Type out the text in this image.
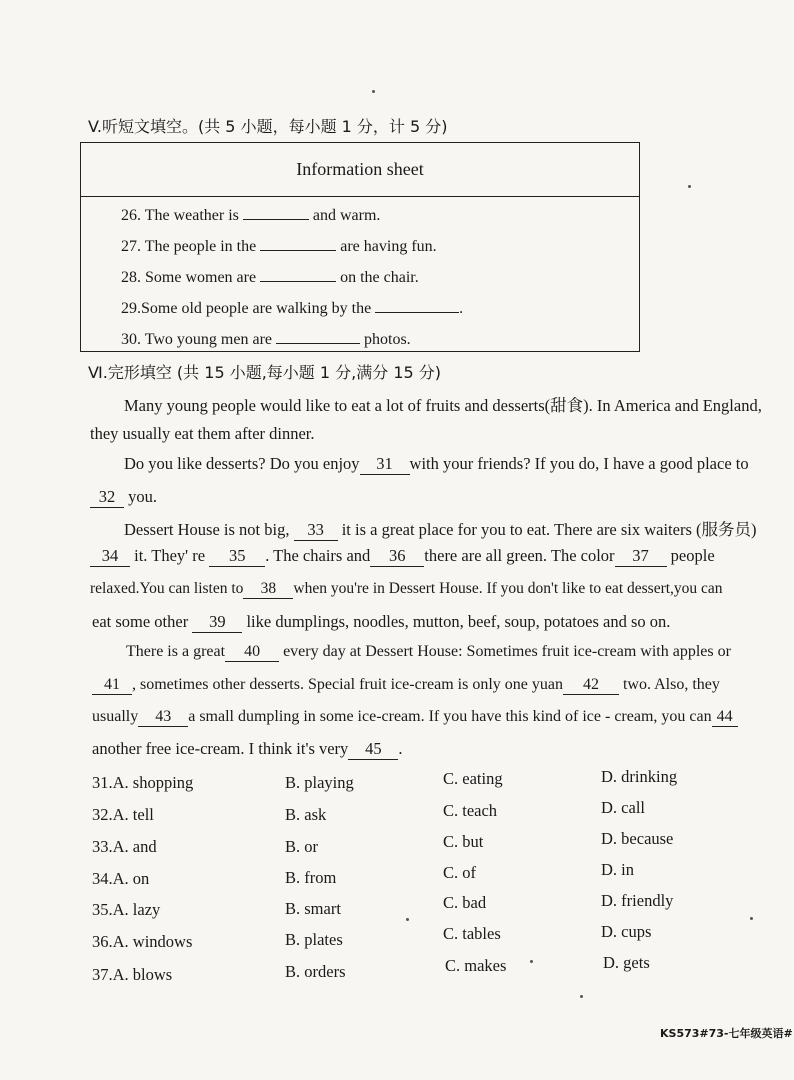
V.听短文填空。(共 5 小题，每小题 1 分，计 5 分)
Information sheet
26. The weather is	and warm.
27. The people in the	are having fun.
28. Some women are	on the chair.
29.Some old people are walking by the	.
30. Two young men are	photos.
Ⅵ.完形填空 (共 15 小题,每小题 1 分,满分 15 分)
Many young people would like to eat a lot of fruits and desserts(甜食). In America and England,
they usually eat them after dinner.
Do you like desserts? Do you enjoy 31 with your friends? If you do, I have a good place to
32 you.
Dessert House is not big, 33 it is a great place for you to eat. There are six waiters (服务员)
34 it. They' re 35 . The chairs and 36 there are all green. The color 37 people
relaxed.You can listen to 38 when you're in Dessert House. If you don't like to eat dessert,you can
eat some other 39 like dumplings, noodles, mutton, beef, soup, potatoes and so on.
There is a great 40 every day at Dessert House: Sometimes fruit ice-cream with apples or
41 , sometimes other desserts. Special fruit ice-cream is only one yuan 42 two. Also, they
usually 43 a small dumpling in some ice-cream. If you have this kind of ice - cream, you can 44
another free ice-cream. I think it's very 45 .
31.A. shopping	B. playing	C. eating	D. drinking
32.A. tell	B. ask	C. teach	D. call
33.A. and	B. or	C. but	D. because
34.A. on	B. from	C. of	D. in
35.A. lazy	B. smart	C. bad	D. friendly
36.A. windows	B. plates	C. tables	D. cups
37.A. blows	B. orders	C. makes	D. gets
KS573#73-七年级英语#
